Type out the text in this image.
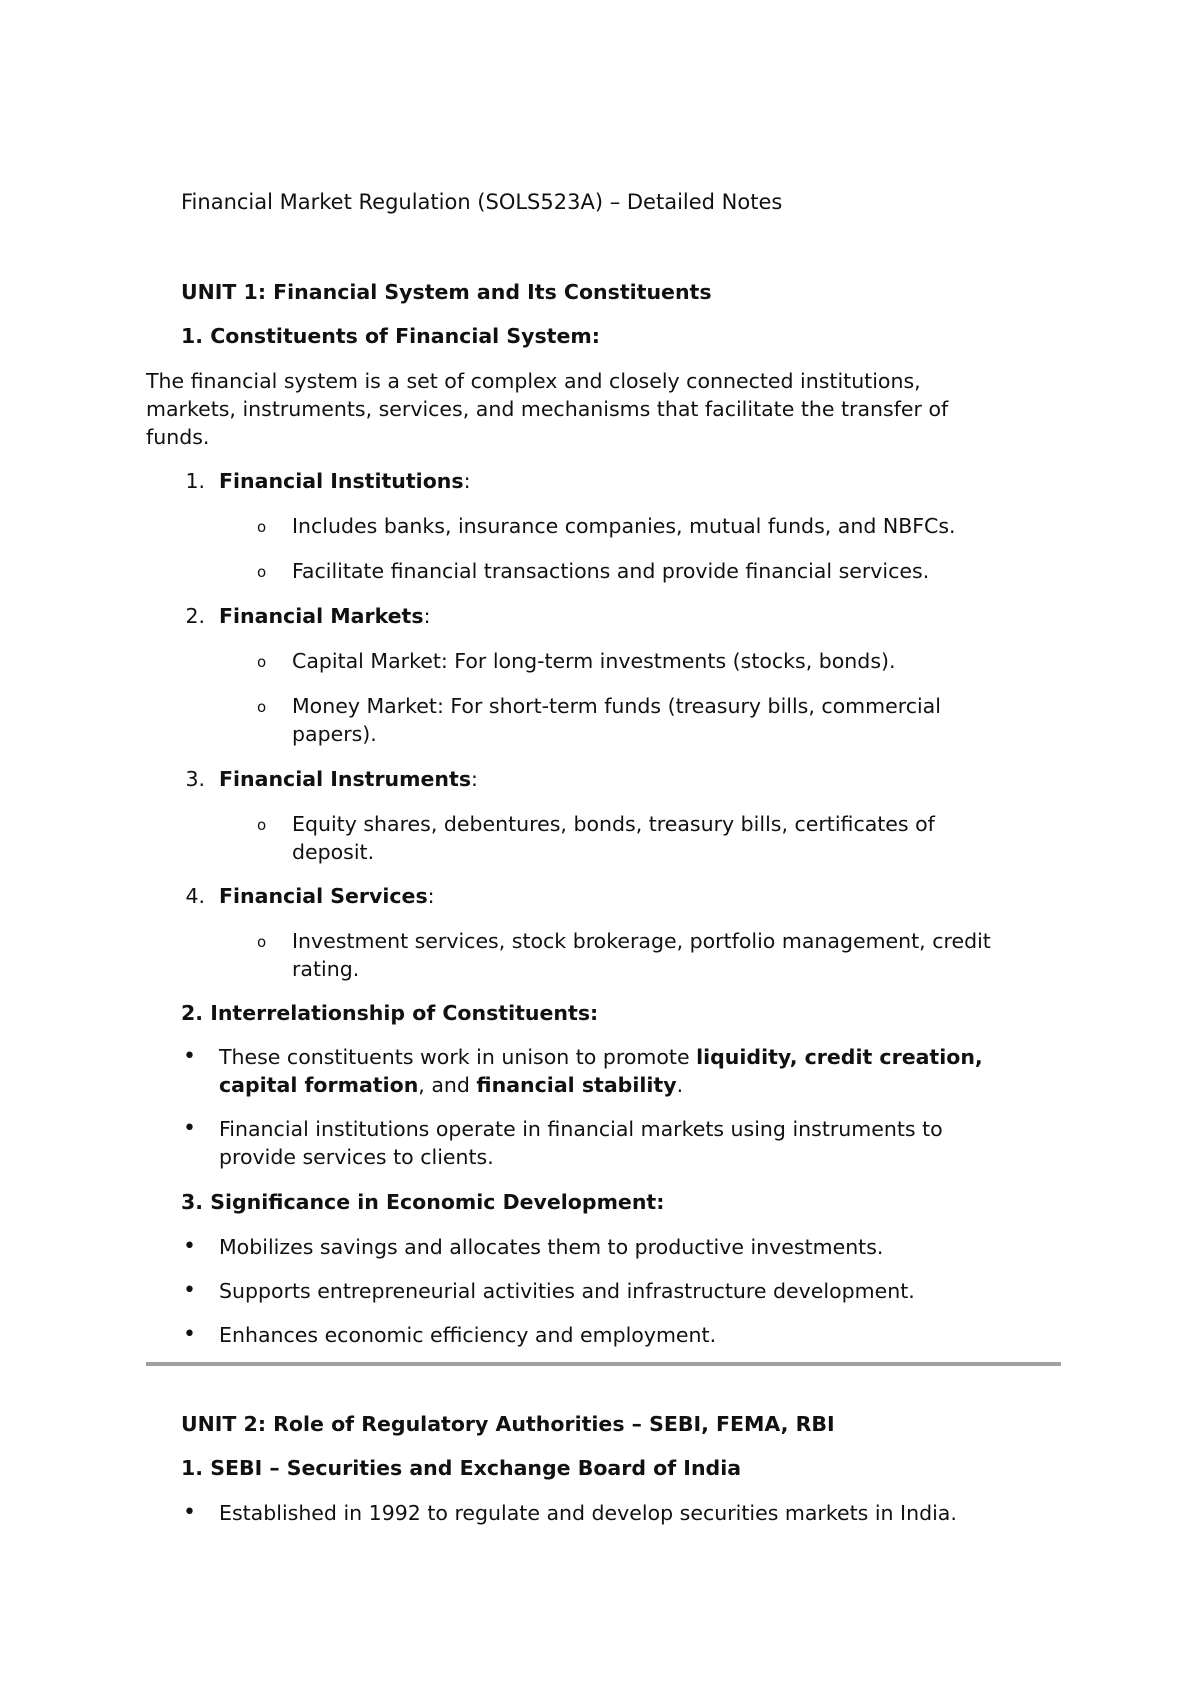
Financial Market Regulation (SOLS523A) – Detailed Notes
UNIT 1: Financial System and Its Constituents
1. Constituents of Financial System:
The financial system is a set of complex and closely connected institutions,
markets, instruments, services, and mechanisms that facilitate the transfer of
funds.
1. Financial Institutions:
o Includes banks, insurance companies, mutual funds, and NBFCs.
o Facilitate financial transactions and provide financial services.
2. Financial Markets:
o Capital Market: For long-term investments (stocks, bonds).
o Money Market: For short-term funds (treasury bills, commercial
papers).
3. Financial Instruments:
o Equity shares, debentures, bonds, treasury bills, certificates of
deposit.
4. Financial Services:
o Investment services, stock brokerage, portfolio management, credit
rating.
2. Interrelationship of Constituents:
• These constituents work in unison to promote liquidity, credit creation,
capital formation, and financial stability.
• Financial institutions operate in financial markets using instruments to
provide services to clients.
3. Significance in Economic Development:
• Mobilizes savings and allocates them to productive investments.
• Supports entrepreneurial activities and infrastructure development.
• Enhances economic efficiency and employment.
UNIT 2: Role of Regulatory Authorities – SEBI, FEMA, RBI
1. SEBI – Securities and Exchange Board of India
• Established in 1992 to regulate and develop securities markets in India.
